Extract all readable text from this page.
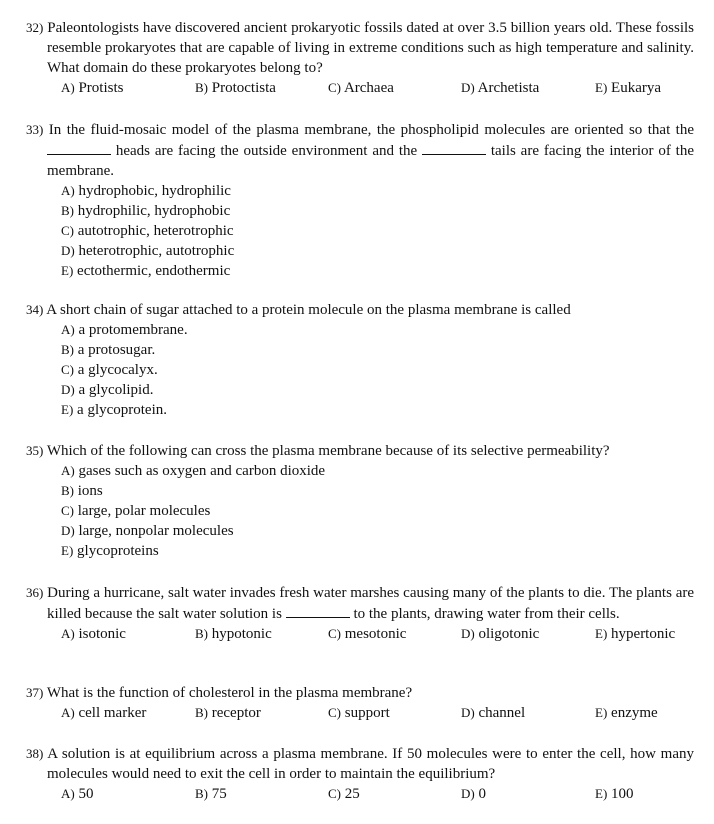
32) Paleontologists have discovered ancient prokaryotic fossils dated at over 3.5 billion years old. These fossils resemble prokaryotes that are capable of living in extreme conditions such as high temperature and salinity. What domain do these prokaryotes belong to?
A) Protists	B) Protoctista	C) Archaea	D) Archetista	E) Eukarya
33) In the fluid-mosaic model of the plasma membrane, the phospholipid molecules are oriented so that the  heads are facing the outside environment and the	tails are facing the interior of the membrane.
A) hydrophobic, hydrophilic
B) hydrophilic, hydrophobic
C) autotrophic, heterotrophic
D) heterotrophic, autotrophic
E) ectothermic, endothermic
34) A short chain of sugar attached to a protein molecule on the plasma membrane is called
A) a protomembrane.
B) a protosugar.
C) a glycocalyx.
D) a glycolipid.
E) a glycoprotein.
35) Which of the following can cross the plasma membrane because of its selective permeability?
A) gases such as oxygen and carbon dioxide
B) ions
C) large, polar molecules
D) large, nonpolar molecules
E) glycoproteins
36) During a hurricane, salt water invades fresh water marshes causing many of the plants to die. The plants are killed because the salt water solution is	to the plants, drawing water from their cells.
A) isotonic	B) hypotonic	C) mesotonic	D) oligotonic	E) hypertonic
37) What is the function of cholesterol in the plasma membrane?
A) cell marker	B) receptor	C) support	D) channel	E) enzyme
38) A solution is at equilibrium across a plasma membrane. If 50 molecules were to enter the cell, how many molecules would need to exit the cell in order to maintain the equilibrium?
A) 50	B) 75	C) 25	D) 0	E) 100
